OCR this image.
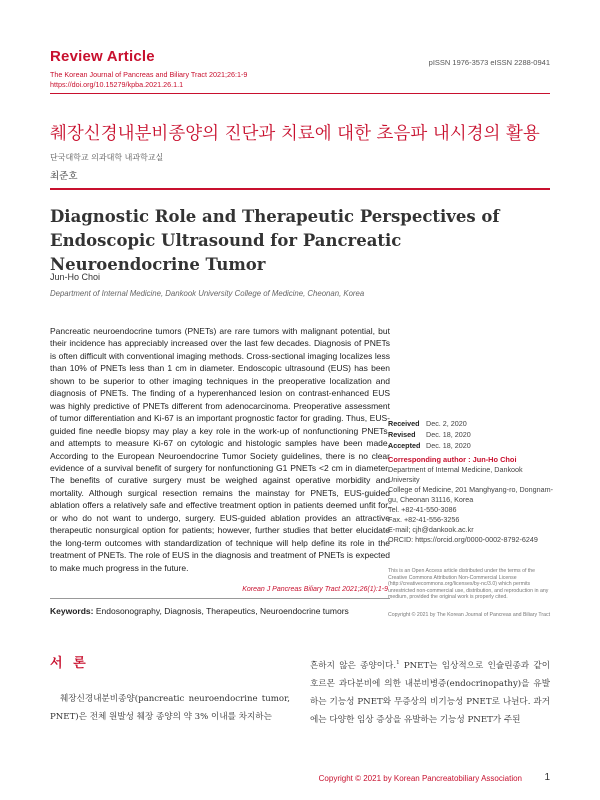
Review Article
The Korean Journal of Pancreas and Biliary Tract 2021;26:1-9
https://doi.org/10.15279/kpba.2021.26.1.1
pISSN 1976-3573 eISSN 2288-0941
췌장신경내분비종양의 진단과 치료에 대한 초음파 내시경의 활용
단국대학교 의과대학 내과학교실
최준호
Diagnostic Role and Therapeutic Perspectives of Endoscopic Ultrasound for Pancreatic Neuroendocrine Tumor
Jun-Ho Choi
Department of Internal Medicine, Dankook University College of Medicine, Cheonan, Korea
Pancreatic neuroendocrine tumors (PNETs) are rare tumors with malignant potential, but their incidence has appreciably increased over the last few decades. Diagnosis of PNETs is often difficult with conventional imaging methods. Cross-sectional imaging localizes less than 10% of PNETs less than 1 cm in diameter. Endoscopic ultrasound (EUS) has been shown to be superior to other imaging techniques in the preoperative localization and diagnosis of PNETs. The finding of a hyperenhanced lesion on contrast-enhanced EUS was highly predictive of PNETs different from adenocarcinoma. Preoperative assessment of tumor differentiation and Ki-67 is an important prognostic factor for grading. Thus, EUS-guided fine needle biopsy may play a key role in the work-up of nonfunctioning PNETs, and attempts to measure Ki-67 on cytologic and histologic samples have been made. According to the European Neuroendocrine Tumor Society guidelines, there is no clear evidence of a survival benefit of surgery for nonfunctioning G1 PNETs <2 cm in diameter. The benefits of curative surgery must be weighed against operative morbidity and mortality. Although surgical resection remains the mainstay for PNETs, EUS-guided ablation offers a relatively safe and effective treatment option in patients deemed unfit for, or who do not want to undergo, surgery. EUS-guided ablation provides an attractive therapeutic nonsurgical option for patients; however, further studies that better elucidate the long-term outcomes with standardization of technique will help define its role in the treatment of PNETs. The role of EUS in the diagnosis and treatment of PNETs is expected to make much progress in the future.
Korean J Pancreas Biliary Tract 2021;26(1):1-9
Keywords: Endosonography, Diagnosis, Therapeutics, Neuroendocrine tumors
Received Dec. 2, 2020
Revised	Dec. 18, 2020
Accepted Dec. 18, 2020
Corresponding author : Jun-Ho Choi
Department of Internal Medicine, Dankook University
College of Medicine, 201 Manghyang-ro, Dongnam-
gu, Cheonan 31116, Korea
Tel. +82-41-550-3086
Fax. +82-41-556-3256
E-mail; cjh@dankook.ac.kr
ORCID: https://orcid.org/0000-0002-8792-6249
This is an Open Access article distributed under the terms of the Creative Commons Attribution Non-Commercial License (http://creativecommons.org/licenses/by-nc/3.0) which permits unrestricted non-commercial use, distribution, and reproduction in any medium, provided the original work is properly cited.
Copyright © 2021 by The Korean Journal of Pancreas and Biliary Tract
서 론
췌장신경내분비종양(pancreatic neuroendocrine tumor, PNET)은 전체 원발성 췌장 종양의 약 3% 이내를 차지하는
흔하지 않은 종양이다.$^1$ PNET는 임상적으로 인슐린종과 같이 호르몬 과다분비에 의한 내분비병증(endocrinopathy)을 유발하는 기능성 PNET와 무증상의 비기능성 PNET로 나뉜다. 과거에는 다양한 임상 증상을 유발하는 기능성 PNET가 주된
Copyright © 2021 by Korean Pancreatobiliary Association 1
